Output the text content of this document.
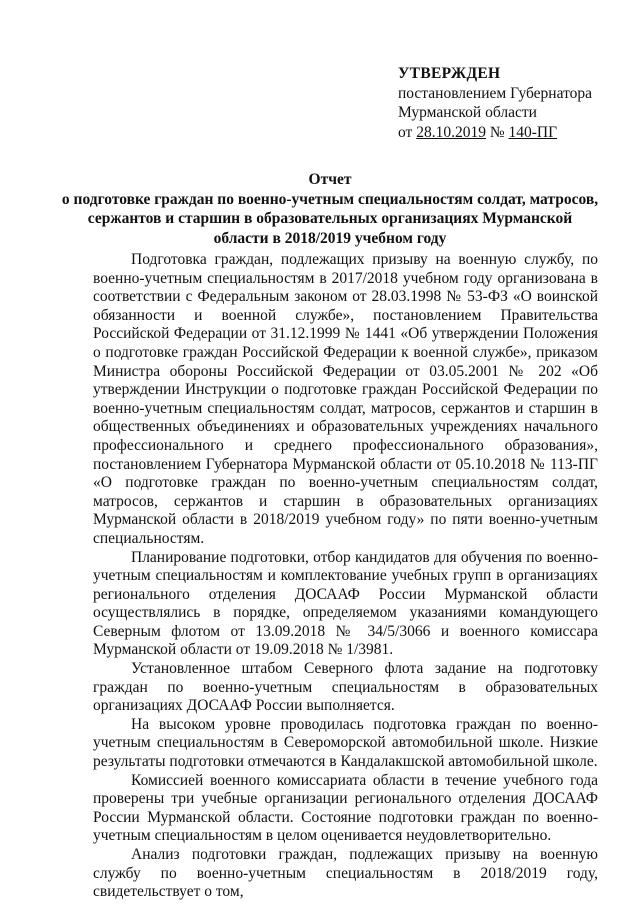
УТВЕРЖДЕН
постановлением Губернатора
Мурманской области
от 28.10.2019 № 140-ПГ
Отчет
о подготовке граждан по военно-учетным специальностям солдат, матросов, сержантов и старшин в образовательных организациях Мурманской области в 2018/2019 учебном году

Подготовка граждан, подлежащих призыву на военную службу, по военно-учетным специальностям в 2017/2018 учебном году организована в соответствии с Федеральным законом от 28.03.1998 № 53-ФЗ «О воинской обязанности и военной службе», постановлением Правительства Российской Федерации от 31.12.1999 № 1441 «Об утверждении Положения о подготовке граждан Российской Федерации к военной службе», приказом Министра обороны Российской Федерации от 03.05.2001 № 202 «Об утверждении Инструкции о подготовке граждан Российской Федерации по военно-учетным специальностям солдат, матросов, сержантов и старшин в общественных объединениях и образовательных учреждениях начального профессионального и среднего профессионального образования», постановлением Губернатора Мурманской области от 05.10.2018 № 113-ПГ «О подготовке граждан по военно-учетным специальностям солдат, матросов, сержантов и старшин в образовательных организациях Мурманской области в 2018/2019 учебном году» по пяти военно-учетным специальностям.

Планирование подготовки, отбор кандидатов для обучения по военно-учетным специальностям и комплектование учебных групп в организациях регионального отделения ДОСААФ России Мурманской области осуществлялись в порядке, определяемом указаниями командующего Северным флотом от 13.09.2018 № 34/5/3066 и военного комиссара Мурманской области от 19.09.2018 № 1/3981.

Установленное штабом Северного флота задание на подготовку граждан по военно-учетным специальностям в образовательных организациях ДОСААФ России выполняется.

На высоком уровне проводилась подготовка граждан по военно-учетным специальностям в Североморской автомобильной школе. Низкие результаты подготовки отмечаются в Кандалакшской автомобильной школе.

Комиссией военного комиссариата области в течение учебного года проверены три учебные организации регионального отделения ДОСААФ России Мурманской области. Состояние подготовки граждан по военно-учетным специальностям в целом оценивается неудовлетворительно.

Анализ подготовки граждан, подлежащих призыву на военную службу по военно-учетным специальностям в 2018/2019 году, свидетельствует о том,
